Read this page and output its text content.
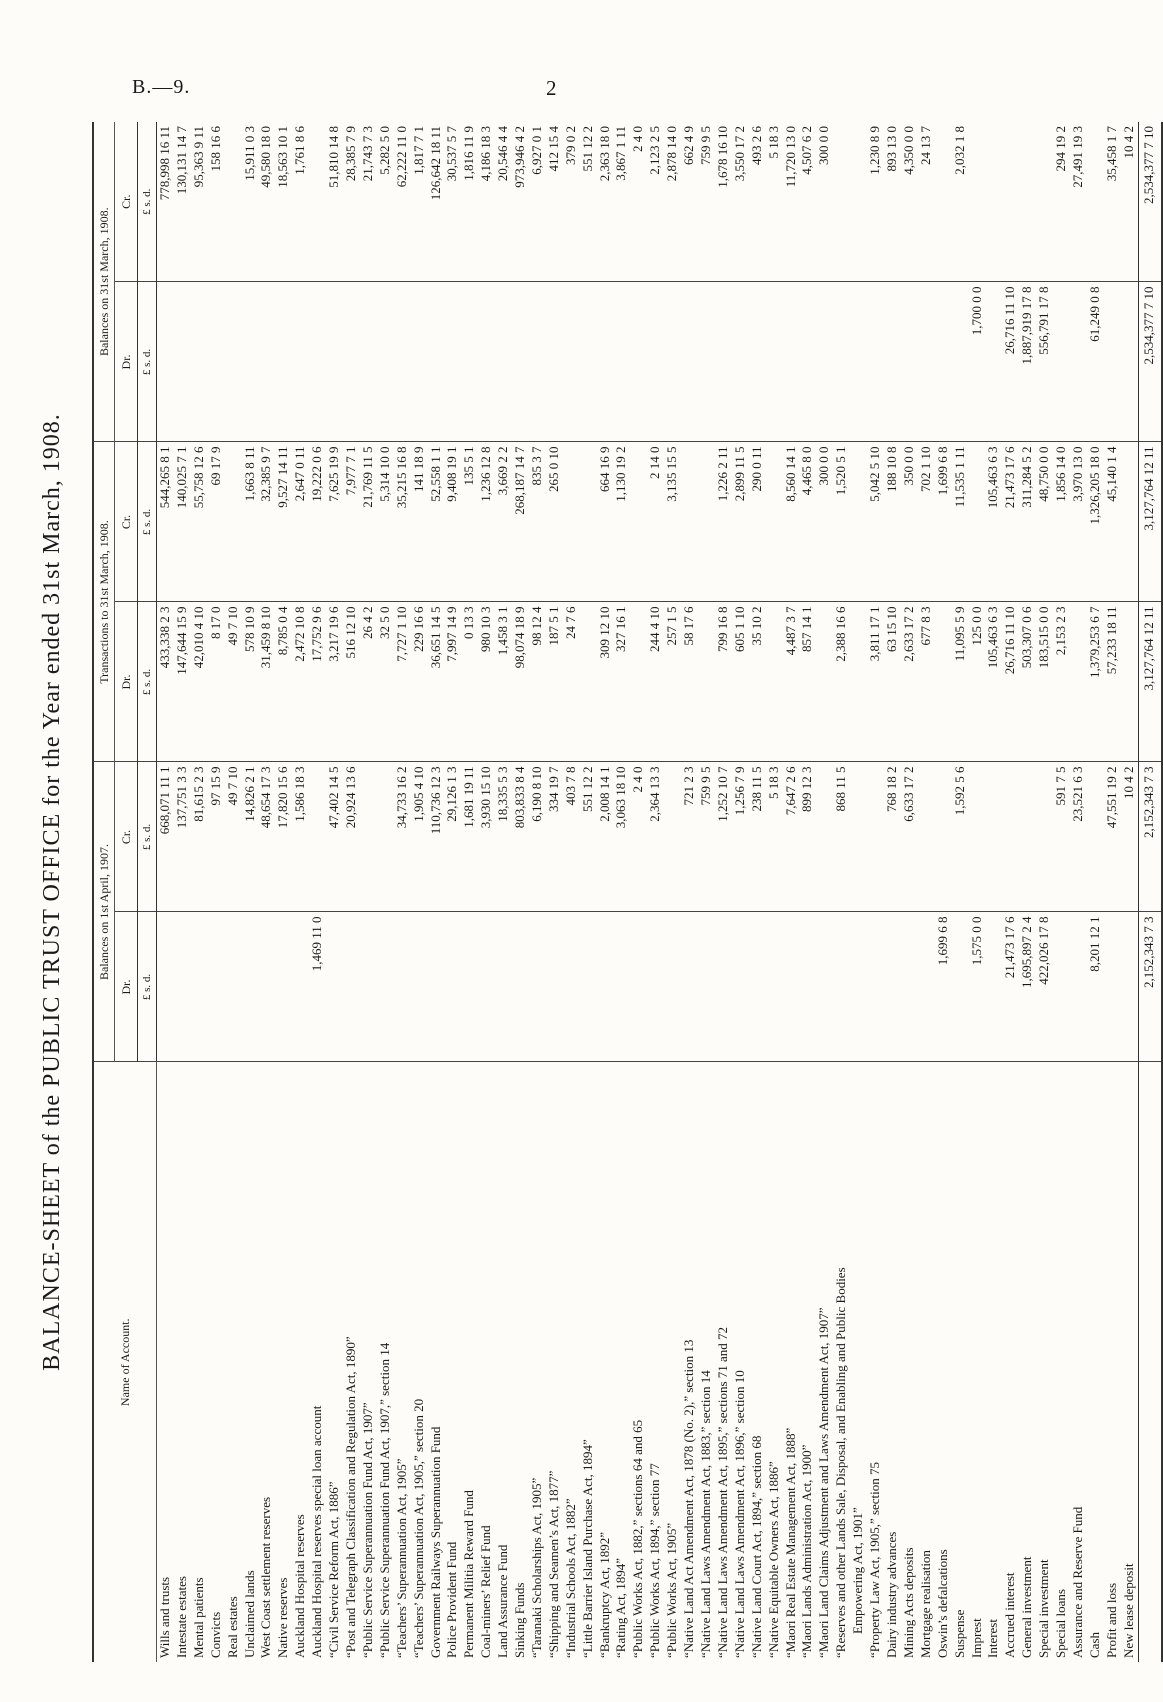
B.—9.	2
BALANCE-SHEET of the PUBLIC TRUST OFFICE for the Year ended 31st March, 1908.	Name of Account.	Balances on 1st April, 1907.		Transactions to 31st March, 1908.		Balances on 31st March, 1908.	
	Dr.	Cr.	Dr.	Cr.	Dr.	Cr.
	£ s. d.	£ s. d.	£ s. d.	£ s. d.	£ s. d.	£ s. d.
Wills and trusts		668,071 11 1	433,338 2 3	544,265 8 1		778,998 16 11
Intestate estates		137,751 3 3	147,644 15 9	140,025 7 1		130,131 14 7
Mental patients		81,615 2 3	42,010 4 10	55,758 12 6		95,363 9 11
Convicts		97 15 9	8 17 0	69 17 9		158 16 6
Real estates		49 7 10	49 7 10			
Unclaimed lands		14,826 2 1	578 10 9	1,663 8 11		15,911 0 3
West Coast settlement reserves		48,654 17 3	31,459 8 10	32,385 9 7		49,580 18 0
Native reserves		17,820 15 6	8,785 0 4	9,527 14 11		18,563 10 1
Auckland Hospital reserves		1,586 18 3	2,472 10 8	2,647 0 11		1,761 8 6
Auckland Hospital reserves special loan account	1,469 11 0		17,752 9 6	19,222 0 6		
“Civil Service Reform Act, 1886”		47,402 14 5	3,217 19 6	7,625 19 9		51,810 14 8
“Post and Telegraph Classification and Regulation Act, 1890”		20,924 13 6	516 12 10	7,977 7 1		28,385 7 9
“Public Service Superannuation Fund Act, 1907”			26 4 2	21,769 11 5		21,743 7 3
“Public Service Superannuation Fund Act, 1907,” section 14			32 5 0	5,314 10 0		5,282 5 0
“Teachers’ Superannuation Act, 1905”		34,733 16 2	7,727 1 10	35,215 16 8		62,222 11 0
“Teachers’ Superannuation Act, 1905,” section 20		1,905 4 10	229 16 6	141 18 9		1,817 7 1
Government Railways Superannuation Fund		110,736 12 3	36,651 14 5	52,558 1 1		126,642 18 11
Police Provident Fund		29,126 1 3	7,997 14 9	9,408 19 1		30,537 5 7
Permanent Militia Reward Fund		1,681 19 11	0 13 3	135 5 1		1,816 11 9
Coal-miners’ Relief Fund		3,930 15 10	980 10 3	1,236 12 8		4,186 18 3
Land Assurance Fund		18,335 5 3	1,458 3 1	3,669 2 2		20,546 4 4
Sinking Funds		803,833 8 4	98,074 18 9	268,187 14 7		973,946 4 2
“Taranaki Scholarships Act, 1905”		6,190 8 10	98 12 4	835 3 7		6,927 0 1
“Shipping and Seamen’s Act, 1877”		334 19 7	187 5 1	265 0 10		412 15 4
“Industrial Schools Act, 1882”		403 7 8	24 7 6			379 0 2
“Little Barrier Island Purchase Act, 1894”		551 12 2				551 12 2
“Bankruptcy Act, 1892”		2,008 14 1	309 12 10	664 16 9		2,363 18 0
“Rating Act, 1894”		3,063 18 10	327 16 1	1,130 19 2		3,867 1 11
“Public Works Act, 1882,” sections 64 and 65		2 4 0				2 4 0
“Public Works Act, 1894,” section 77		2,364 13 3	244 4 10	2 14 0		2,123 2 5
“Public Works Act, 1905”			257 1 5	3,135 15 5		2,878 14 0
“Native Land Act Amendment Act, 1878 (No. 2),” section 13		721 2 3	58 17 6			662 4 9
“Native Land Laws Amendment Act, 1883,” section 14		759 9 5				759 9 5
“Native Land Laws Amendment Act, 1895,” sections 71 and 72		1,252 10 7	799 16 8	1,226 2 11		1,678 16 10
“Native Land Laws Amendment Act, 1896,” section 10		1,256 7 9	605 1 10	2,899 11 5		3,550 17 2
“Native Land Court Act, 1894,” section 68		238 11 5	35 10 2	290 0 11		493 2 6
“Native Equitable Owners Act, 1886”		5 18 3				5 18 3
“Maori Real Estate Management Act, 1888”		7,647 2 6	4,487 3 7	8,560 14 1		11,720 13 0
“Maori Lands Administration Act, 1900”		899 12 3	857 14 1	4,465 8 0		4,507 6 2
“Maori Land Claims Adjustment and Laws Amendment Act, 1907”				300 0 0		300 0 0
“Reserves and other Lands Sale, Disposal, and Enabling and Public Bodies		868 11 5	2,388 16 6	1,520 5 1		
Empowering Act, 1901”						
“Property Law Act, 1905,” section 75			3,811 17 1	5,042 5 10		1,230 8 9
Dairy industry advances		768 18 2	63 15 10	188 10 8		893 13 0
Mining Acts deposits		6,633 17 2	2,633 17 2	350 0 0		4,350 0 0
Mortgage realisation			677 8 3	702 1 10		24 13 7
Oswin’s defalcations	1,699 6 8			1,699 6 8		
Suspense		1,592 5 6	11,095 5 9	11,535 1 11		2,032 1 8
Imprest	1,575 0 0		125 0 0		1,700 0 0	
Interest			105,463 6 3	105,463 6 3		
Accrued interest	21,473 17 6		26,716 11 10	21,473 17 6	26,716 11 10	
General investment	1,695,897 2 4		503,307 0 6	311,284 5 2	1,887,919 17 8	
Special investment	422,026 17 8		183,515 0 0	48,750 0 0	556,791 17 8	
Special loans		591 7 5	2,153 2 3	1,856 14 0		294 19 2
Assurance and Reserve Fund		23,521 6 3		3,970 13 0		27,491 19 3
Cash	8,201 12 1		1,379,253 6 7	1,326,205 18 0	61,249 0 8	
Profit and loss		47,551 19 2	57,233 18 11	45,140 1 4		35,458 1 7
New lease deposit		10 4 2				10 4 2
	2,152,343 7 3	2,152,343 7 3	3,127,764 12 11	3,127,764 12 11	2,534,377 7 10	2,534,377 7 10
